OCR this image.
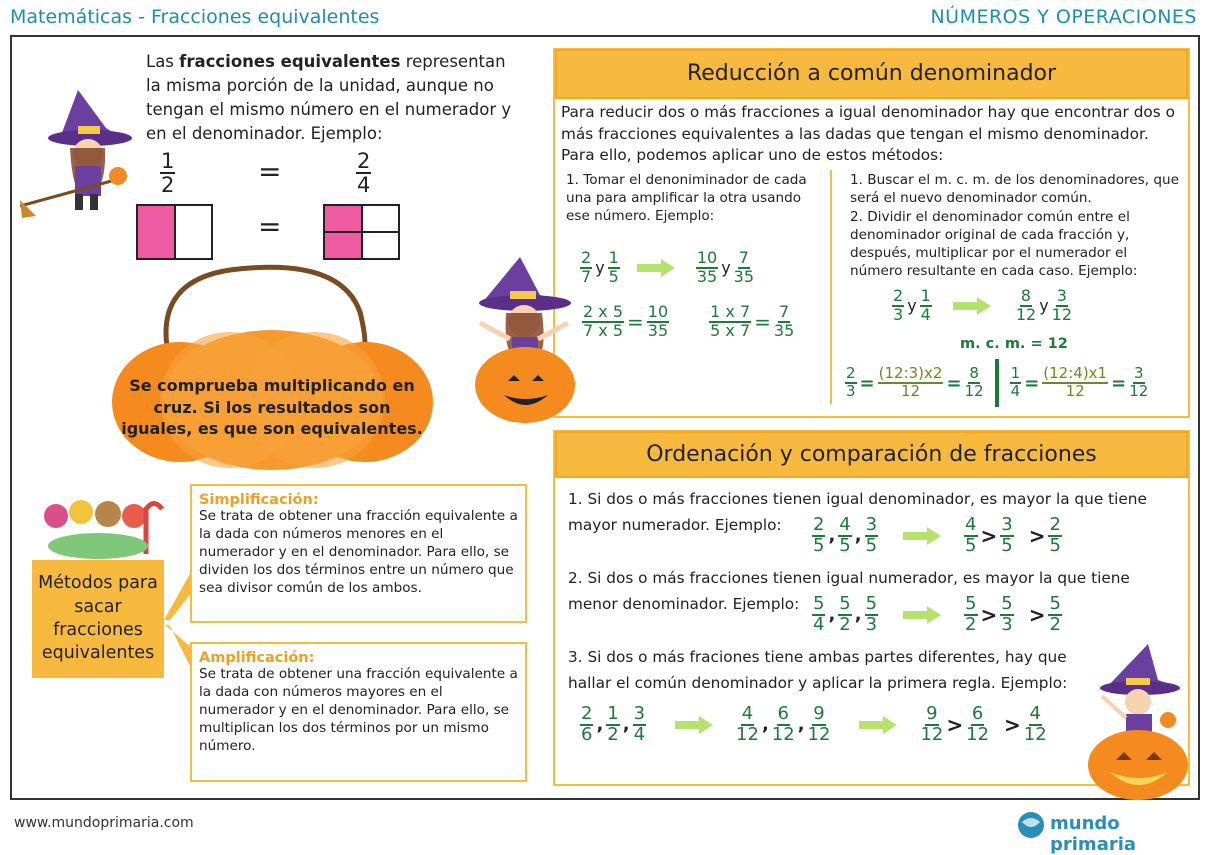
Matemáticas - Fracciones equivalentes	NÚMEROS Y OPERACIONES
Las fracciones equivalentes representan la misma porción de la unidad, aunque no tengan el mismo número en el numerador y en el denominador. Ejemplo:
$\frac{1}{2}$	=	$\frac{2}{4}$
=
Se comprueba multiplicando en cruz. Si los resultados son iguales, es que son equivalentes.
Métodos para sacar fracciones equivalentes
Simplificación:
Se trata de obtener una fracción equivalente a la dada con números menores en el numerador y en el denominador. Para ello, se dividen los dos términos entre un número que sea divisor común de los ambos.
Amplificación:
Se trata de obtener una fracción equivalente a la dada con números mayores en el numerador y en el denominador. Para ello, se multiplican los dos términos por un mismo número.
Reducción a común denominador
Para reducir dos o más fracciones a igual denominador hay que encontrar dos o más fracciones equivalentes a las dadas que tengan el mismo denominador. Para ello, podemos aplicar uno de estos métodos:
1. Tomar el denoniminador de cada una para amplificar la otra usando ese número. Ejemplo:
1. Buscar el m. c. m. de los denominadores, que será el nuevo denominador común.
2. Dividir el denominador común entre el denominador original de cada fracción y, después, multiplicar por el numerador el número resultante en cada caso. Ejemplo:
2
7 y
1
5
10
35 y
7
35
$\frac{2 x 5}{7 x 5} = \frac{10}{35}$	$\frac{1 x 7}{5 x 7} = \frac{7}{35}$
2
3 y
1
4
8
12 y
3
12
m. c. m. = 12
$\frac{2}{3} = \frac{(12:3)x2}{12} = \frac{8}{12} \frac{1}{4} = \frac{(12:4)x1}{12} = \frac{3}{12}$
Ordenación y comparación de fracciones
1. Si dos o más fracciones tienen igual denominador, es mayor la que tiene
mayor numerador. Ejemplo:
2. Si dos o más fracciones tienen igual numerador, es mayor la que tiene
menor denominador. Ejemplo:
3. Si dos o más fraciones tiene ambas partes diferentes, hay que
hallar el común denominador y aplicar la primera regla. Ejemplo:
2
5 ,
4
5 ,
3
5
4
5 > 3
5 > 2
5
5
4 ,
5
2 ,
5
3
5
2 > 5
3 > 5
2
2
6 ,
1
2 ,
3
4
4
12 ,
6
12 ,
9
12
9
12 > 6
12 > 4
12
www.mundoprimaria.com	mundo primaria
